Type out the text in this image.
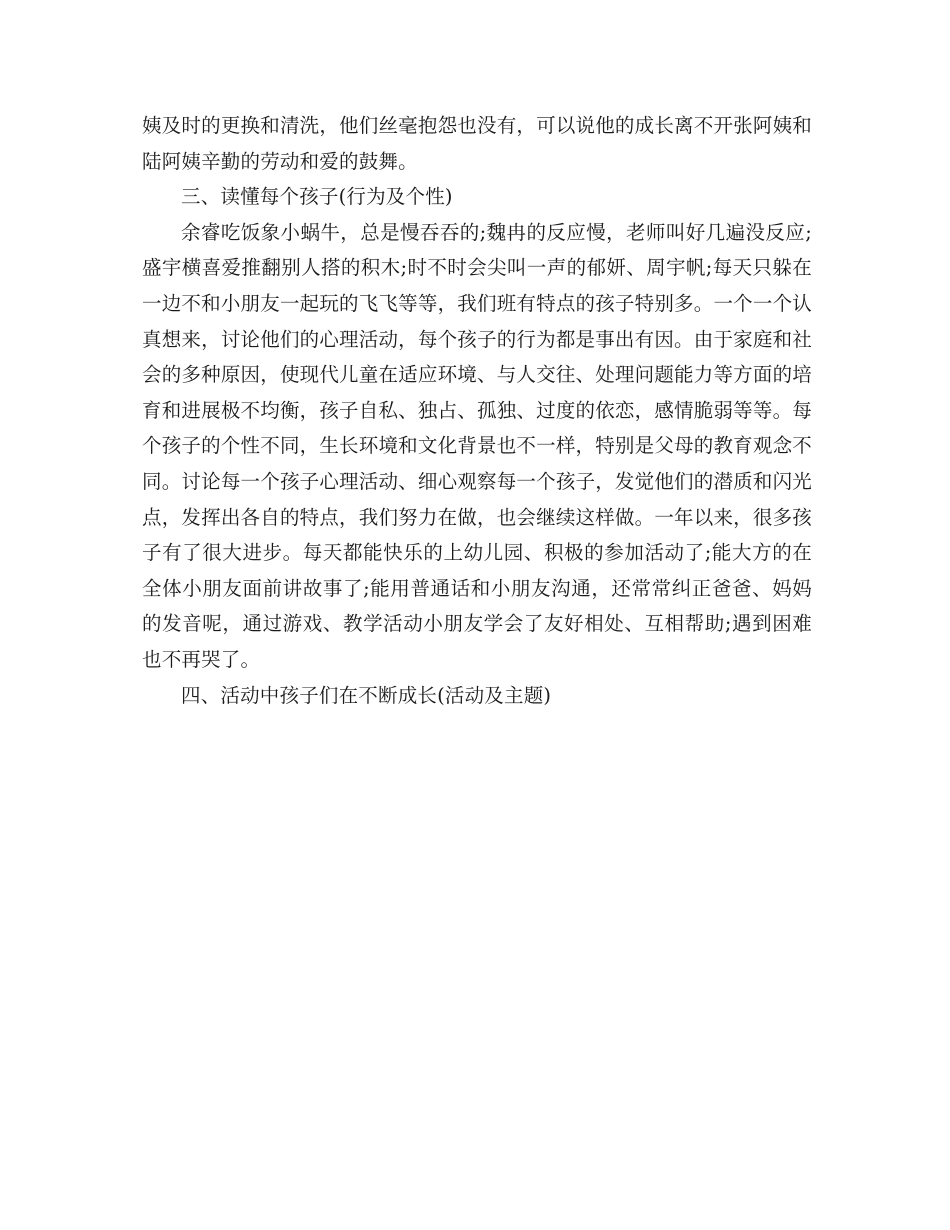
姨及时的更换和清洗，他们丝毫抱怨也没有，可以说他的成长离不开张阿姨和陆阿姨辛勤的劳动和爱的鼓舞。

三、读懂每个孩子(行为及个性)

余睿吃饭象小蜗牛，总是慢吞吞的;魏冉的反应慢，老师叫好几遍没反应;盛宇横喜爱推翻别人搭的积木;时不时会尖叫一声的郁妍、周宇帆;每天只躲在一边不和小朋友一起玩的飞飞等等，我们班有特点的孩子特别多。一个一个认真想来，讨论他们的心理活动，每个孩子的行为都是事出有因。由于家庭和社会的多种原因，使现代儿童在适应环境、与人交往、处理问题能力等方面的培育和进展极不均衡，孩子自私、独占、孤独、过度的依恋，感情脆弱等等。每个孩子的个性不同，生长环境和文化背景也不一样，特别是父母的教育观念不同。讨论每一个孩子心理活动、细心观察每一个孩子，发觉他们的潜质和闪光点，发挥出各自的特点，我们努力在做，也会继续这样做。一年以来，很多孩子有了很大进步。每天都能快乐的上幼儿园、积极的参加活动了;能大方的在全体小朋友面前讲故事了;能用普通话和小朋友沟通，还常常纠正爸爸、妈妈的发音呢，通过游戏、教学活动小朋友学会了友好相处、互相帮助;遇到困难也不再哭了。

四、活动中孩子们在不断成长(活动及主题)
